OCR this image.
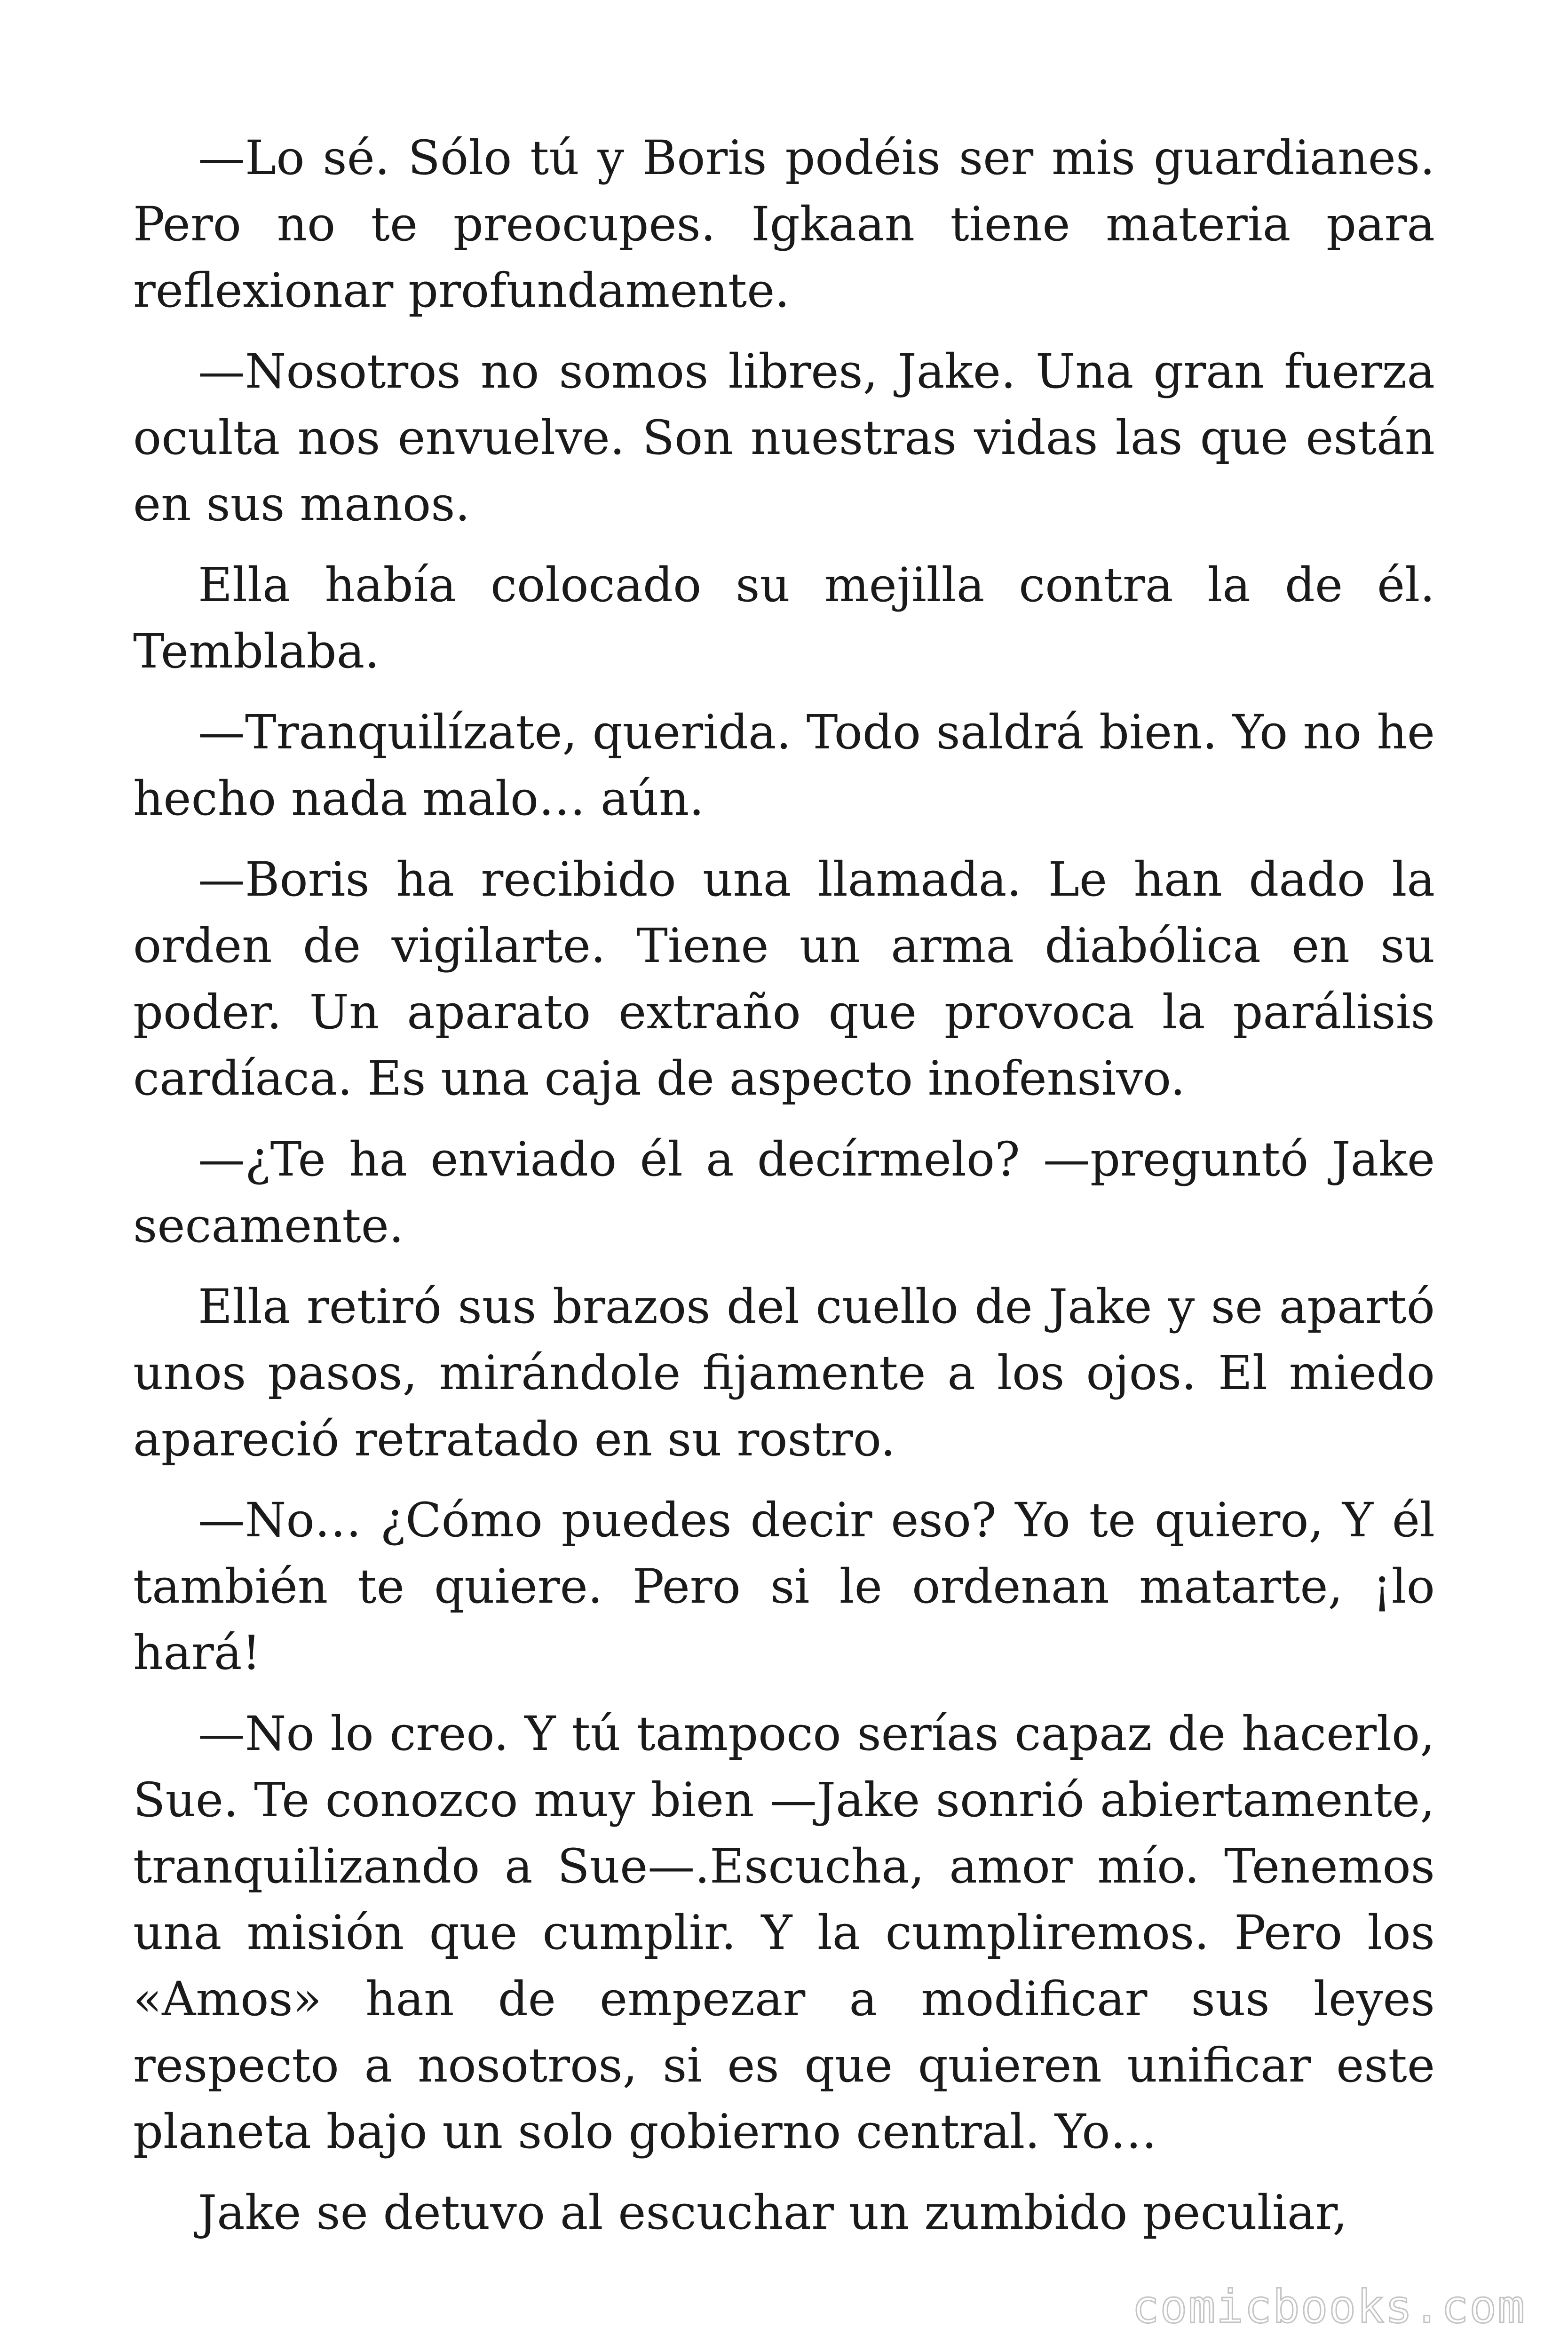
—Lo sé. Sólo tú y Boris podéis ser mis guardianes. Pero no te preocupes. Igkaan tiene materia para reflexionar profundamente.

—Nosotros no somos libres, Jake. Una gran fuerza oculta nos envuelve. Son nuestras vidas las que están en sus manos.

Ella había colocado su mejilla contra la de él. Temblaba.

—Tranquilízate, querida. Todo saldrá bien. Yo no he hecho nada malo… aún.

—Boris ha recibido una llamada. Le han dado la orden de vigilarte. Tiene un arma diabólica en su poder. Un aparato extraño que provoca la parálisis cardíaca. Es una caja de aspecto inofensivo.

—¿Te ha enviado él a decírmelo? —preguntó Jake secamente.

Ella retiró sus brazos del cuello de Jake y se apartó unos pasos, mirándole fijamente a los ojos. El miedo apareció retratado en su rostro.

—No… ¿Cómo puedes decir eso? Yo te quiero, Y él también te quiere. Pero si le ordenan matarte, ¡lo hará!

—No lo creo. Y tú tampoco serías capaz de hacerlo, Sue. Te conozco muy bien —Jake sonrió abiertamente, tranquilizando a Sue—.Escucha, amor mío. Tenemos una misión que cumplir. Y la cumpliremos. Pero los «Amos» han de empezar a modificar sus leyes respecto a nosotros, si es que quieren unificar este planeta bajo un solo gobierno central. Yo…

Jake se detuvo al escuchar un zumbido peculiar,

comicbooks.com
